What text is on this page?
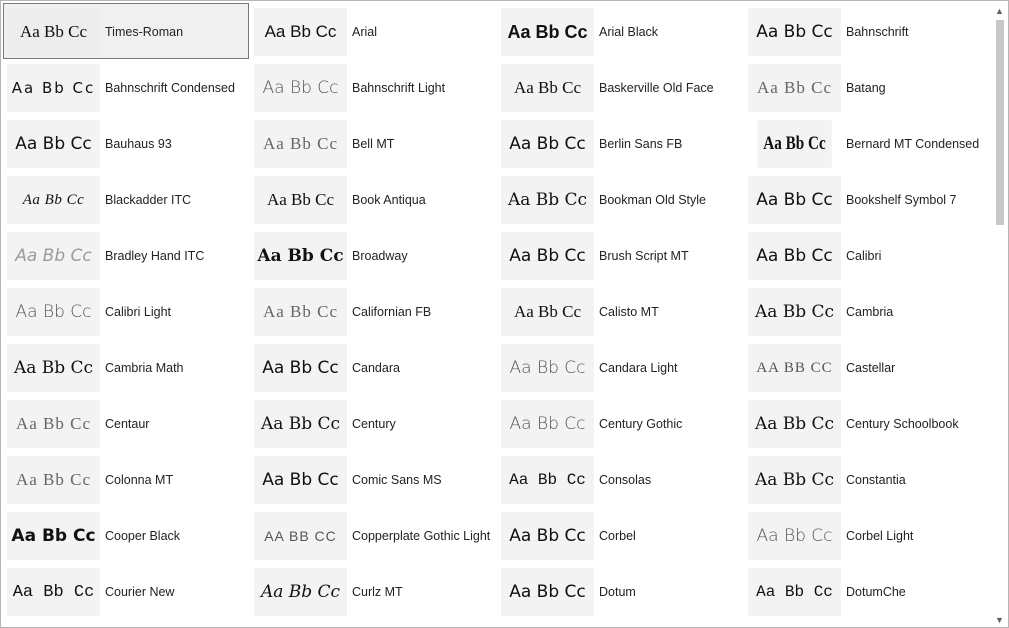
Aa Bb Cc	Times-Roman	Aa Bb Cc	Arial	Aa Bb Cc Arial Black	Aa Bb Cc	Bahnschrift
Aa Bb Cc Bahnschrift Condensed	Aa Bb Cc	Bahnschrift Light	Aa Bb Cc	Baskerville Old Face	Aa Bb Cc	Batang
Aa Bb Cc	Bauhaus 93	Aa Bb Cc	Bell MT	Aa Bb Cc	Berlin Sans FB	Aa Bb Cc	Bernard MT Condensed
Aa Bb Cc	Blackadder ITC	Aa Bb Cc	Book Antiqua	Aa Bb Cc Bookman Old Style	Aa Bb Cc	Bookshelf Symbol 7
Aa Bb Cc	Bradley Hand ITC	Aa Bb Cc Broadway	Aa Bb Cc	Brush Script MT	Aa Bb Cc	Calibri
Aa Bb Cc	Calibri Light	Aa Bb Cc	Californian FB	Aa Bb Cc	Calisto MT	Aa Bb Cc Cambria
Aa Bb Cc Cambria Math	Aa Bb Cc	Candara	Aa Bb Cc	Candara Light	AA BB CC	Castellar
Aa Bb Cc	Centaur	Aa Bb Cc Century	Aa Bb Cc	Century Gothic	Aa Bb Cc Century Schoolbook
Aa Bb Cc	Colonna MT	Aa Bb Cc	Comic Sans MS	Aa Bb Cc	Consolas	Aa Bb Cc Constantia
Aa Bb Cc Cooper Black	AA BB CC	Copperplate Gothic Light	Aa Bb Cc	Corbel	Aa Bb Cc	Corbel Light
Aa Bb Cc Courier New	Aa Bb Cc Curlz MT	Aa Bb Cc	Dotum	Aa Bb Cc	DotumChe
▲
▼
